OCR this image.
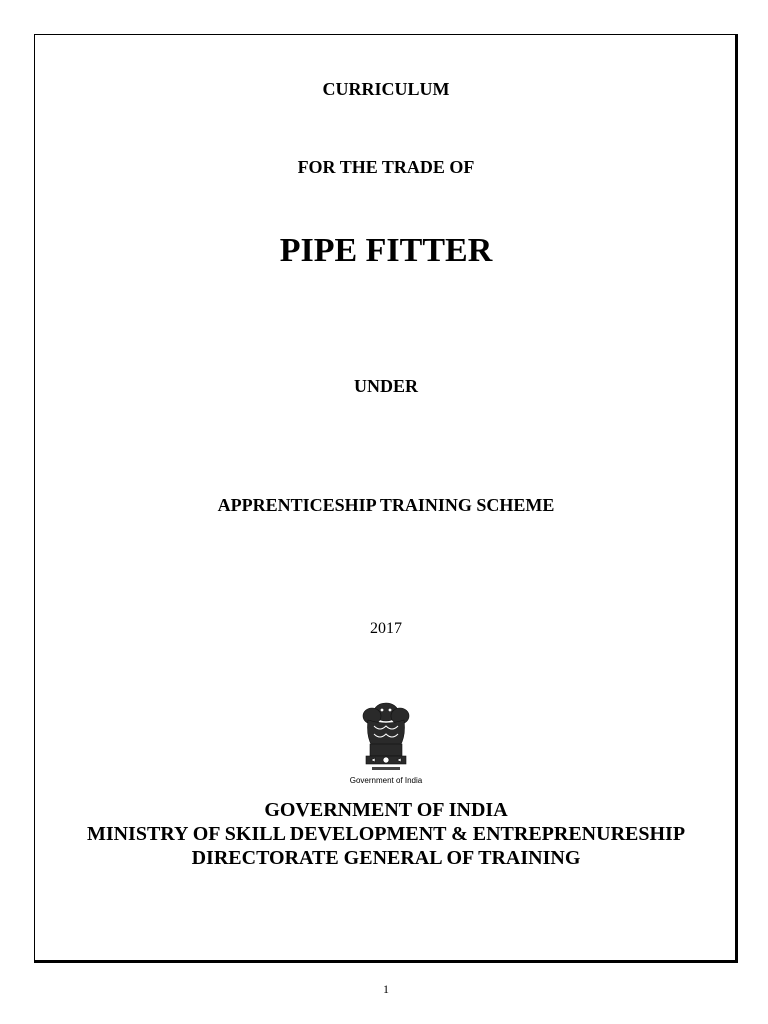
CURRICULUM
FOR THE TRADE OF
PIPE FITTER
UNDER
APPRENTICESHIP TRAINING SCHEME
2017
Government of India
GOVERNMENT OF INDIA
MINISTRY OF SKILL DEVELOPMENT & ENTREPRENURESHIP
DIRECTORATE GENERAL OF TRAINING
1
